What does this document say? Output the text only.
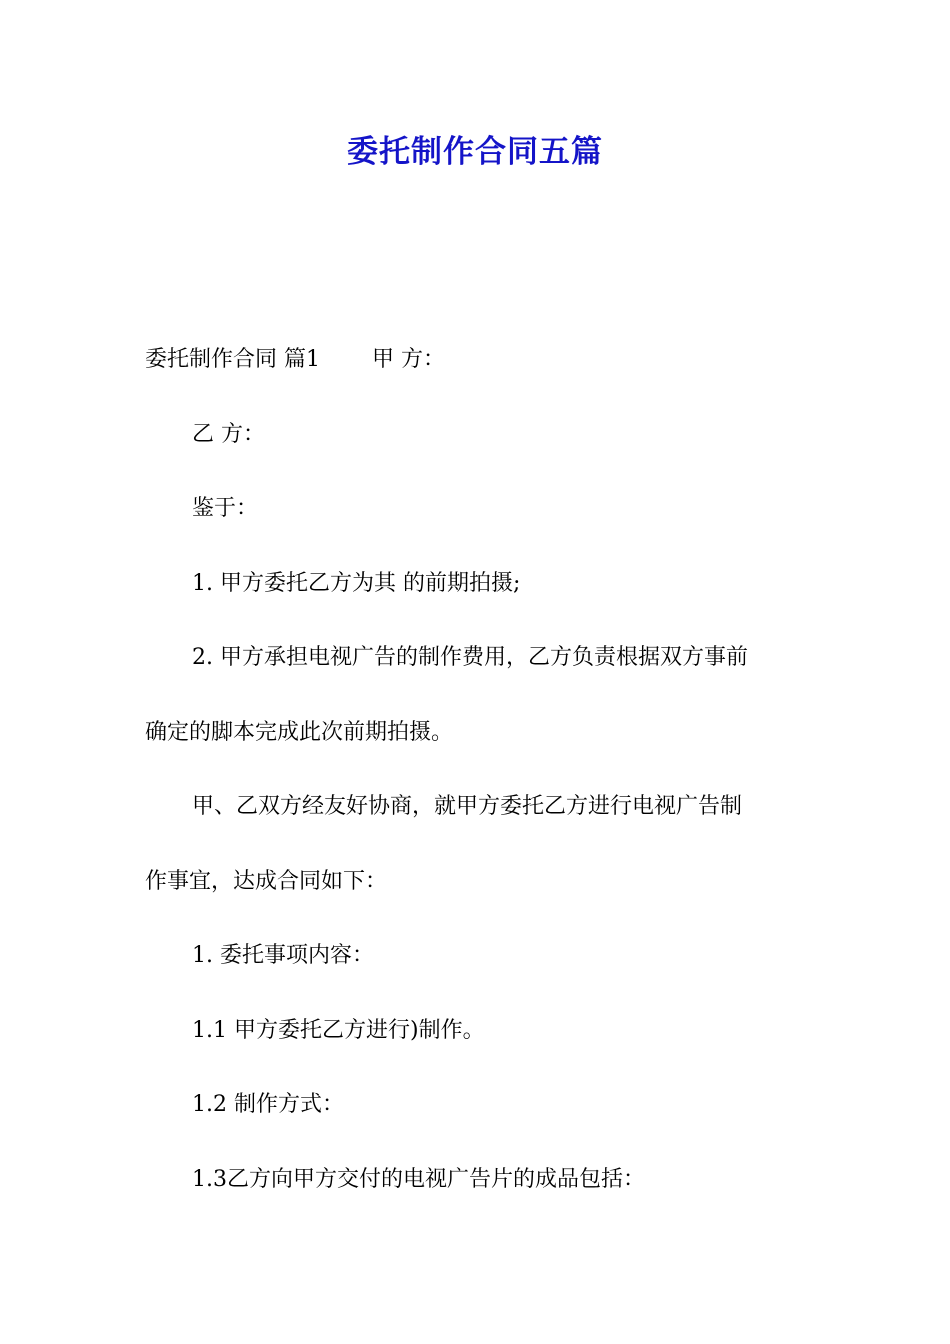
委托制作合同五篇
委托制作合同 篇1 甲 方：
乙 方：
鉴于：
1. 甲方委托乙方为其 的前期拍摄;
2. 甲方承担电视广告的制作费用，乙方负责根据双方事前
确定的脚本完成此次前期拍摄。
甲、乙双方经友好协商，就甲方委托乙方进行电视广告制
作事宜，达成合同如下：
1. 委托事项内容：
1.1 甲方委托乙方进行)制作。
1.2 制作方式：
1.3乙方向甲方交付的电视广告片的成品包括：
